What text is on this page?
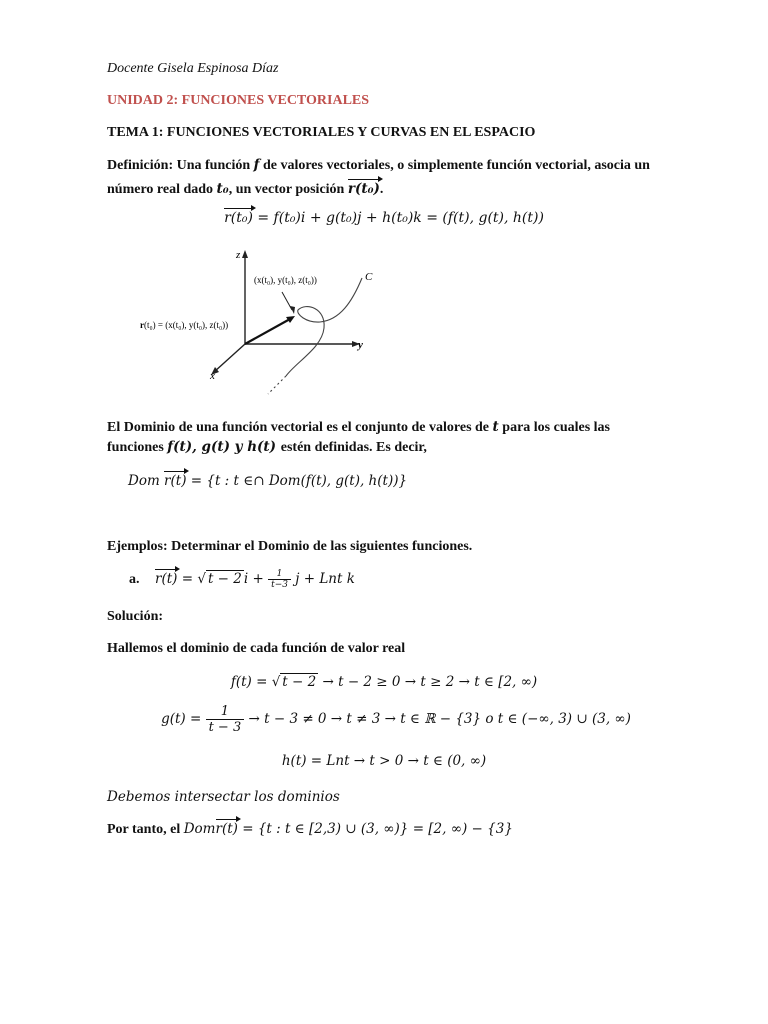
Docente Gisela Espinosa Díaz
UNIDAD 2: FUNCIONES VECTORIALES
TEMA 1: FUNCIONES VECTORIALES Y CURVAS EN EL ESPACIO
Definición: Una función f de valores vectoriales, o simplemente función vectorial, asocia un
número real dado t₀, un vector posición r(t₀).
r(t₀) = f(t₀)i + g(t₀)j + h(t₀)k = (f(t), g(t), h(t))
z
y
x
C
(x(t₀), y(t₀), z(t₀))
r(t₀) = (x(t₀), y(t₀), z(t₀))
El Dominio de una función vectorial es el conjunto de valores de t para los cuales las
funciones f(t), g(t) y h(t) estén definidas. Es decir,
Dom r(t) = {t : t ∈∩ Dom(f(t), g(t), h(t))}
Ejemplos: Determinar el Dominio de las siguientes funciones.
a. r(t) = √ t − 2 $i + \frac{1}{t-3}$ j + Lnt k
Solución:
Hallemos el dominio de cada función de valor real
f(t) = √ t − 2 → t − 2 ≥ 0 → t ≥ 2 → t ∈ [2, ∞)
$g(t) = \frac{1}{t - 3} \to t - 3 \ne 0 \to t \ne 3 \to t$ ∈ ℝ − {3} o t ∈ (−∞, 3) ∪ (3, ∞)
h(t) = Lnt → t > 0 → t ∈ (0, ∞)
Debemos intersectar los dominios
Por tanto, el Domr(t) = {t : t ∈ [2,3) ∪ (3, ∞)} = [2, ∞) − {3}
